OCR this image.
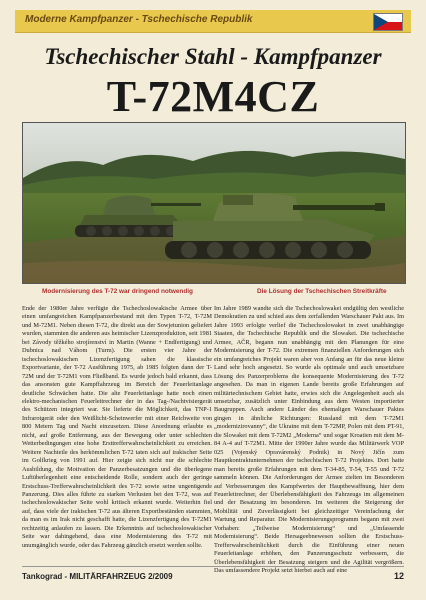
Moderne Kampfpanzer - Tschechische Republik
Tschechischer Stahl - Kampfpanzer
T-72M4CZ
Modernisierung des T-72 war dringend notwendig	Die Lösung der Tschechischen Streitkräfte

Ende der 1980er Jahre verfügte die Tschechoslowakische Armee über einen umfangreichen Kampfpanzerbestand mit den Typen T-72, T-72M und M-72M1. Neben diesen T-72, die direkt aus der Sowjetunion geliefert wurden, stammten die anderen aus heimischer Lizenzproduktion, seit 1981 bei Závody těžkého strojírenství in Martin (Wanne + Endfertigung) und Dubnica nad Váhom (Turm). Die ersten vier Jahre der tschechoslowakischen Lizenzfertigung sahen die klassische Exportvariante, der T-72 Ausführung 1975, ab 1985 folgten dann der T-72M und der T-72M1 vom Fließband. Es wurde jedoch bald erkannt, dass das ansonsten gute Kampffahrzeug im Bereich der Feuerleitanlage deutliche Schwächen hatte. Die alte Feuerleitanlage hatte noch einen elektro-mechanischen Feuerleitrechner der in das Tag-/Nachtvisiergerät des Schützen integriert war. Sie lieferte die Möglichkeit, das TNP-1 Infrarotgerät oder den Weißlicht-Scheinwerfer mit einer Reichweite von 800 Metern Tag und Nacht einzusetzen. Diese Anordnung erlaubte es nicht, auf große Entfernung, aus der Bewegung oder unter schlechten Wetterbedingungen eine hohe Ersttrefferwahrscheinlichkeit zu erreichen. Weitere Nachteile des herkömmlichen T-72 taten sich auf irakischer Seite im Golfkrieg von 1991 auf. Hier zeigte sich nicht nur die schlechte Ausbildung, die Motivation der Panzerbesatzungen und die überlegene Luftüberlegenheit eine entscheidende Rolle, sondern auch der geringe Erstschuss-Trefferwahrscheinlichkeit des T-72 sowie seine ungenügende Panzerung. Dies alles führte zu starken Verlusten bei den T-72, was auf tschechoslowakischer Seite wohl kritisch erkannt wurde. Weiterhin fiel auf, dass viele der irakischen T-72 aus älteren Exportbeständen stammten, da man es im Irak nicht geschafft hatte, die Lizenzfertigung des T-72M1 rechtzeitig anlaufen zu lassen. Die Erkenntnis auf tschechoslowakischer Seite war dahingehend, dass eine Modernisierung des T-72 mit unumgänglich wurde, oder das Fahrzeug gänzlich ersetzt werden sollte.

Im Jahre 1989 wandte sich die Tschechoslowakei endgültig den westliche Demokratien zu und schied aus dem zerfallenden Warschauer Pakt aus. Im Jahre 1993 erfolgte verlief die Tschechoslowakei in zwei unabhängige Staaten, die Tschechische Republik und die Slowakei. Die tschechische Armee, AČR, begann nun unabhängig mit den Planungen für eine Modernisierung der T-72. Die extremen finanziellen Anforderungen sich ein umfangreiches Projekt waren aber von Anfang an für das neue kleine Land sehr hoch angesetzt. So wurde als optimale und auch umsetzbare Lösung des Panzerproblems die konsequente Modernisierung des T-72 angesehen. Da man in eigenen Lande bereits große Erfahrungen auf militärtechnischem Gebiet hatte, erwies sich die Angelegenheit auch als umsetzbar, zusätzlich unter Einbindung aus dem Westen importierter Baugruppen. Auch andere Länder des ehemaligen Warschauer Paktes gingen in ähnliche Richtungen: Russland mit dem T-72M1 „modernizirovanny“, die Ukraine mit dem T-72MP, Polen mit dem PT-91, die Slowakei mit dem T-72M2 „Moderna“ und sogar Kroatien mit dem M-84 A-4 auf T-72M1. Mitte der 1990er Jahre wurde das Militärwerk VOP 025 (Vojenský Opravárenský Podnik) in Nový Jičín zum Hauptkontraktunternehmen der tschechischen T-72 Projektes. Dort hatte man bereits große Erfahrungen mit dem T-34-85, T-54, T-55 und T-72 sammeln können. Die Anforderungen der Armee zielten im Besonderen auf Verbesserungen des Kampfwertes der Hauptbewaffnung, hier dem Feuerleitrechner, der Überlebensfähigkeit des Fahrzeugs im allgemeinen und der Besatzung im besonderen. Im weiteren die Steigerung der Mobilität und Zuverlässigkeit bei gleichzeitiger Vereinfachung der Wartung und Reparatur. Die Modernisierungsprogramm begann mit zwei Vorhaben: „Teilweise Modernisierung“ und „Umfassende Modernisierung“. Beide Hersageebnewesen sollten die Erstschuss-Trefferwahrscheinlichkeit durch die Einführung einer neuen Feuerleitanlage erhöhen, den Panzerungsschutz verbessern, die Überlebensfähigkeit der Besatzung steigern und die Agilität vergrößern. Das umfassendere Projekt setzt hierbei auch auf eine

Tankograd - MILITÄRFAHRZEUG 2/2009	12
